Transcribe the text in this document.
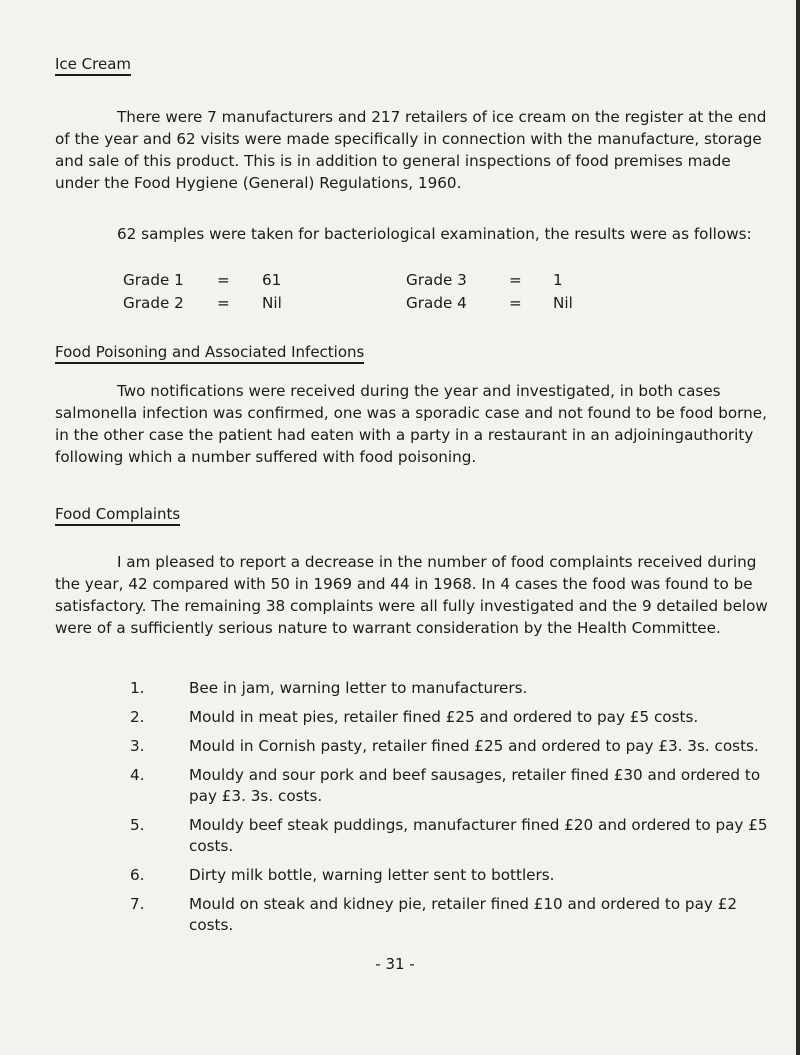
Ice Cream

There were 7 manufacturers and 217 retailers of ice cream on the register at the end of the year and 62 visits were made specifically in connection with the manufacture, storage and sale of this product. This is in addition to general inspections of food premises made under the Food Hygiene (General) Regulations, 1960.

62 samples were taken for bacteriological examination, the results were as follows:

Grade 1 = 61	Grade 3	= 1
Grade 2 = Nil	Grade 4	= Nil
Food Poisoning and Associated Infections

Two notifications were received during the year and investigated, in both cases salmonella infection was confirmed, one was a sporadic case and not found to be food borne, in the other case the patient had eaten with a party in a restaurant in an adjoiningauthority following which a number suffered with food poisoning.

Food Complaints

I am pleased to report a decrease in the number of food complaints received during the year, 42 compared with 50 in 1969 and 44 in 1968. In 4 cases the food was found to be satisfactory. The remaining 38 complaints were all fully investigated and the 9 detailed below were of a sufficiently serious nature to warrant consideration by the Health Committee.

1.	Bee in jam, warning letter to manufacturers.
2.	Mould in meat pies, retailer fined £25 and ordered to pay £5 costs.
3.	Mould in Cornish pasty, retailer fined £25 and ordered to pay £3. 3s. costs.
4.	Mouldy and sour pork and beef sausages, retailer fined £30 and ordered to pay £3. 3s. costs.
5.	Mouldy beef steak puddings, manufacturer fined £20 and ordered to pay £5 costs.
6.	Dirty milk bottle, warning letter sent to bottlers.
7.	Mould on steak and kidney pie, retailer fined £10 and ordered to pay £2 costs.
- 31 -
